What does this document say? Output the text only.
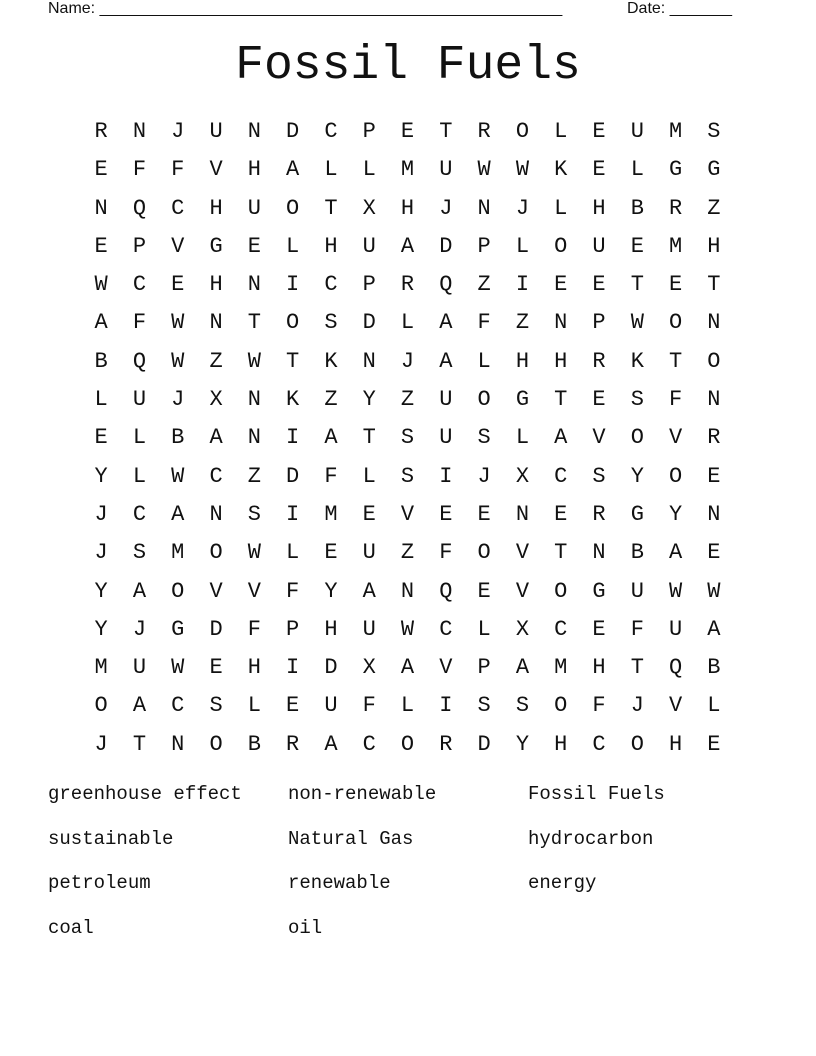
Name: ____________________________________________________	Date: _______
Fossil Fuels
R	N	J	U	N	D	C	P	E	T	R	O	L	E	U	M	S
E	F	F	V	H	A	L	L	M	U	W	W	K	E	L	G	G
N	Q	C	H	U	O	T	X	H	J	N	J	L	H	B	R	Z
E	P	V	G	E	L	H	U	A	D	P	L	O	U	E	M	H
W	C	E	H	N	I	C	P	R	Q	Z	I	E	E	T	E	T
A	F	W	N	T	O	S	D	L	A	F	Z	N	P	W	O	N
B	Q	W	Z	W	T	K	N	J	A	L	H	H	R	K	T	O
L	U	J	X	N	K	Z	Y	Z	U	O	G	T	E	S	F	N
E	L	B	A	N	I	A	T	S	U	S	L	A	V	O	V	R
Y	L	W	C	Z	D	F	L	S	I	J	X	C	S	Y	O	E
J	C	A	N	S	I	M	E	V	E	E	N	E	R	G	Y	N
J	S	M	O	W	L	E	U	Z	F	O	V	T	N	B	A	E
Y	A	O	V	V	F	Y	A	N	Q	E	V	O	G	U	W	W
Y	J	G	D	F	P	H	U	W	C	L	X	C	E	F	U	A
M	U	W	E	H	I	D	X	A	V	P	A	M	H	T	Q	B
O	A	C	S	L	E	U	F	L	I	S	S	O	F	J	V	L
J	T	N	O	B	R	A	C	O	R	D	Y	H	C	O	H	E
greenhouse effect	non-renewable	Fossil Fuels
sustainable	Natural Gas	hydrocarbon
petroleum	renewable	energy
coal	oil
